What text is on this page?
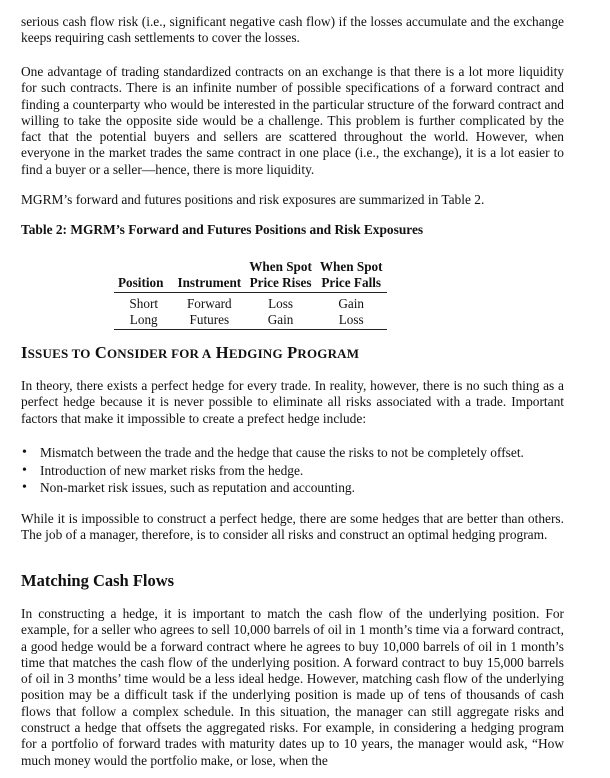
serious cash flow risk (i.e., significant negative cash flow) if the losses accumulate and the exchange keeps requiring cash settlements to cover the losses.

One advantage of trading standardized contracts on an exchange is that there is a lot more liquidity for such contracts. There is an infinite number of possible specifications of a forward contract and finding a counterparty who would be interested in the particular structure of the forward contract and willing to take the opposite side would be a challenge. This problem is further complicated by the fact that the potential buyers and sellers are scattered throughout the world. However, when everyone in the market trades the same contract in one place (i.e., the exchange), it is a lot easier to find a buyer or a seller—hence, there is more liquidity.

MGRM’s forward and futures positions and risk exposures are summarized in Table 2.

Table 2: MGRM’s Forward and Futures Positions and Risk Exposures
		When Spot	When Spot
Position	Instrument	Price Rises	Price Falls
Short	Forward	Loss	Gain
Long	Futures	Gain	Loss
ISSUES TO CONSIDER FOR A HEDGING PROGRAM

In theory, there exists a perfect hedge for every trade. In reality, however, there is no such thing as a perfect hedge because it is never possible to eliminate all risks associated with a trade. Important factors that make it impossible to create a prefect hedge include:

• Mismatch between the trade and the hedge that cause the risks to not be completely offset.
• Introduction of new market risks from the hedge.
• Non-market risk issues, such as reputation and accounting.

While it is impossible to construct a perfect hedge, there are some hedges that are better than others. The job of a manager, therefore, is to consider all risks and construct an optimal hedging program.

Matching Cash Flows

In constructing a hedge, it is important to match the cash flow of the underlying position. For example, for a seller who agrees to sell 10,000 barrels of oil in 1 month’s time via a forward contract, a good hedge would be a forward contract where he agrees to buy 10,000 barrels of oil in 1 month’s time that matches the cash flow of the underlying position. A forward contract to buy 15,000 barrels of oil in 3 months’ time would be a less ideal hedge. However, matching cash flow of the underlying position may be a difficult task if the underlying position is made up of tens of thousands of cash flows that follow a complex schedule. In this situation, the manager can still aggregate risks and construct a hedge that offsets the aggregated risks. For example, in considering a hedging program for a portfolio of forward trades with maturity dates up to 10 years, the manager would ask, “How much money would the portfolio make, or lose, when the
